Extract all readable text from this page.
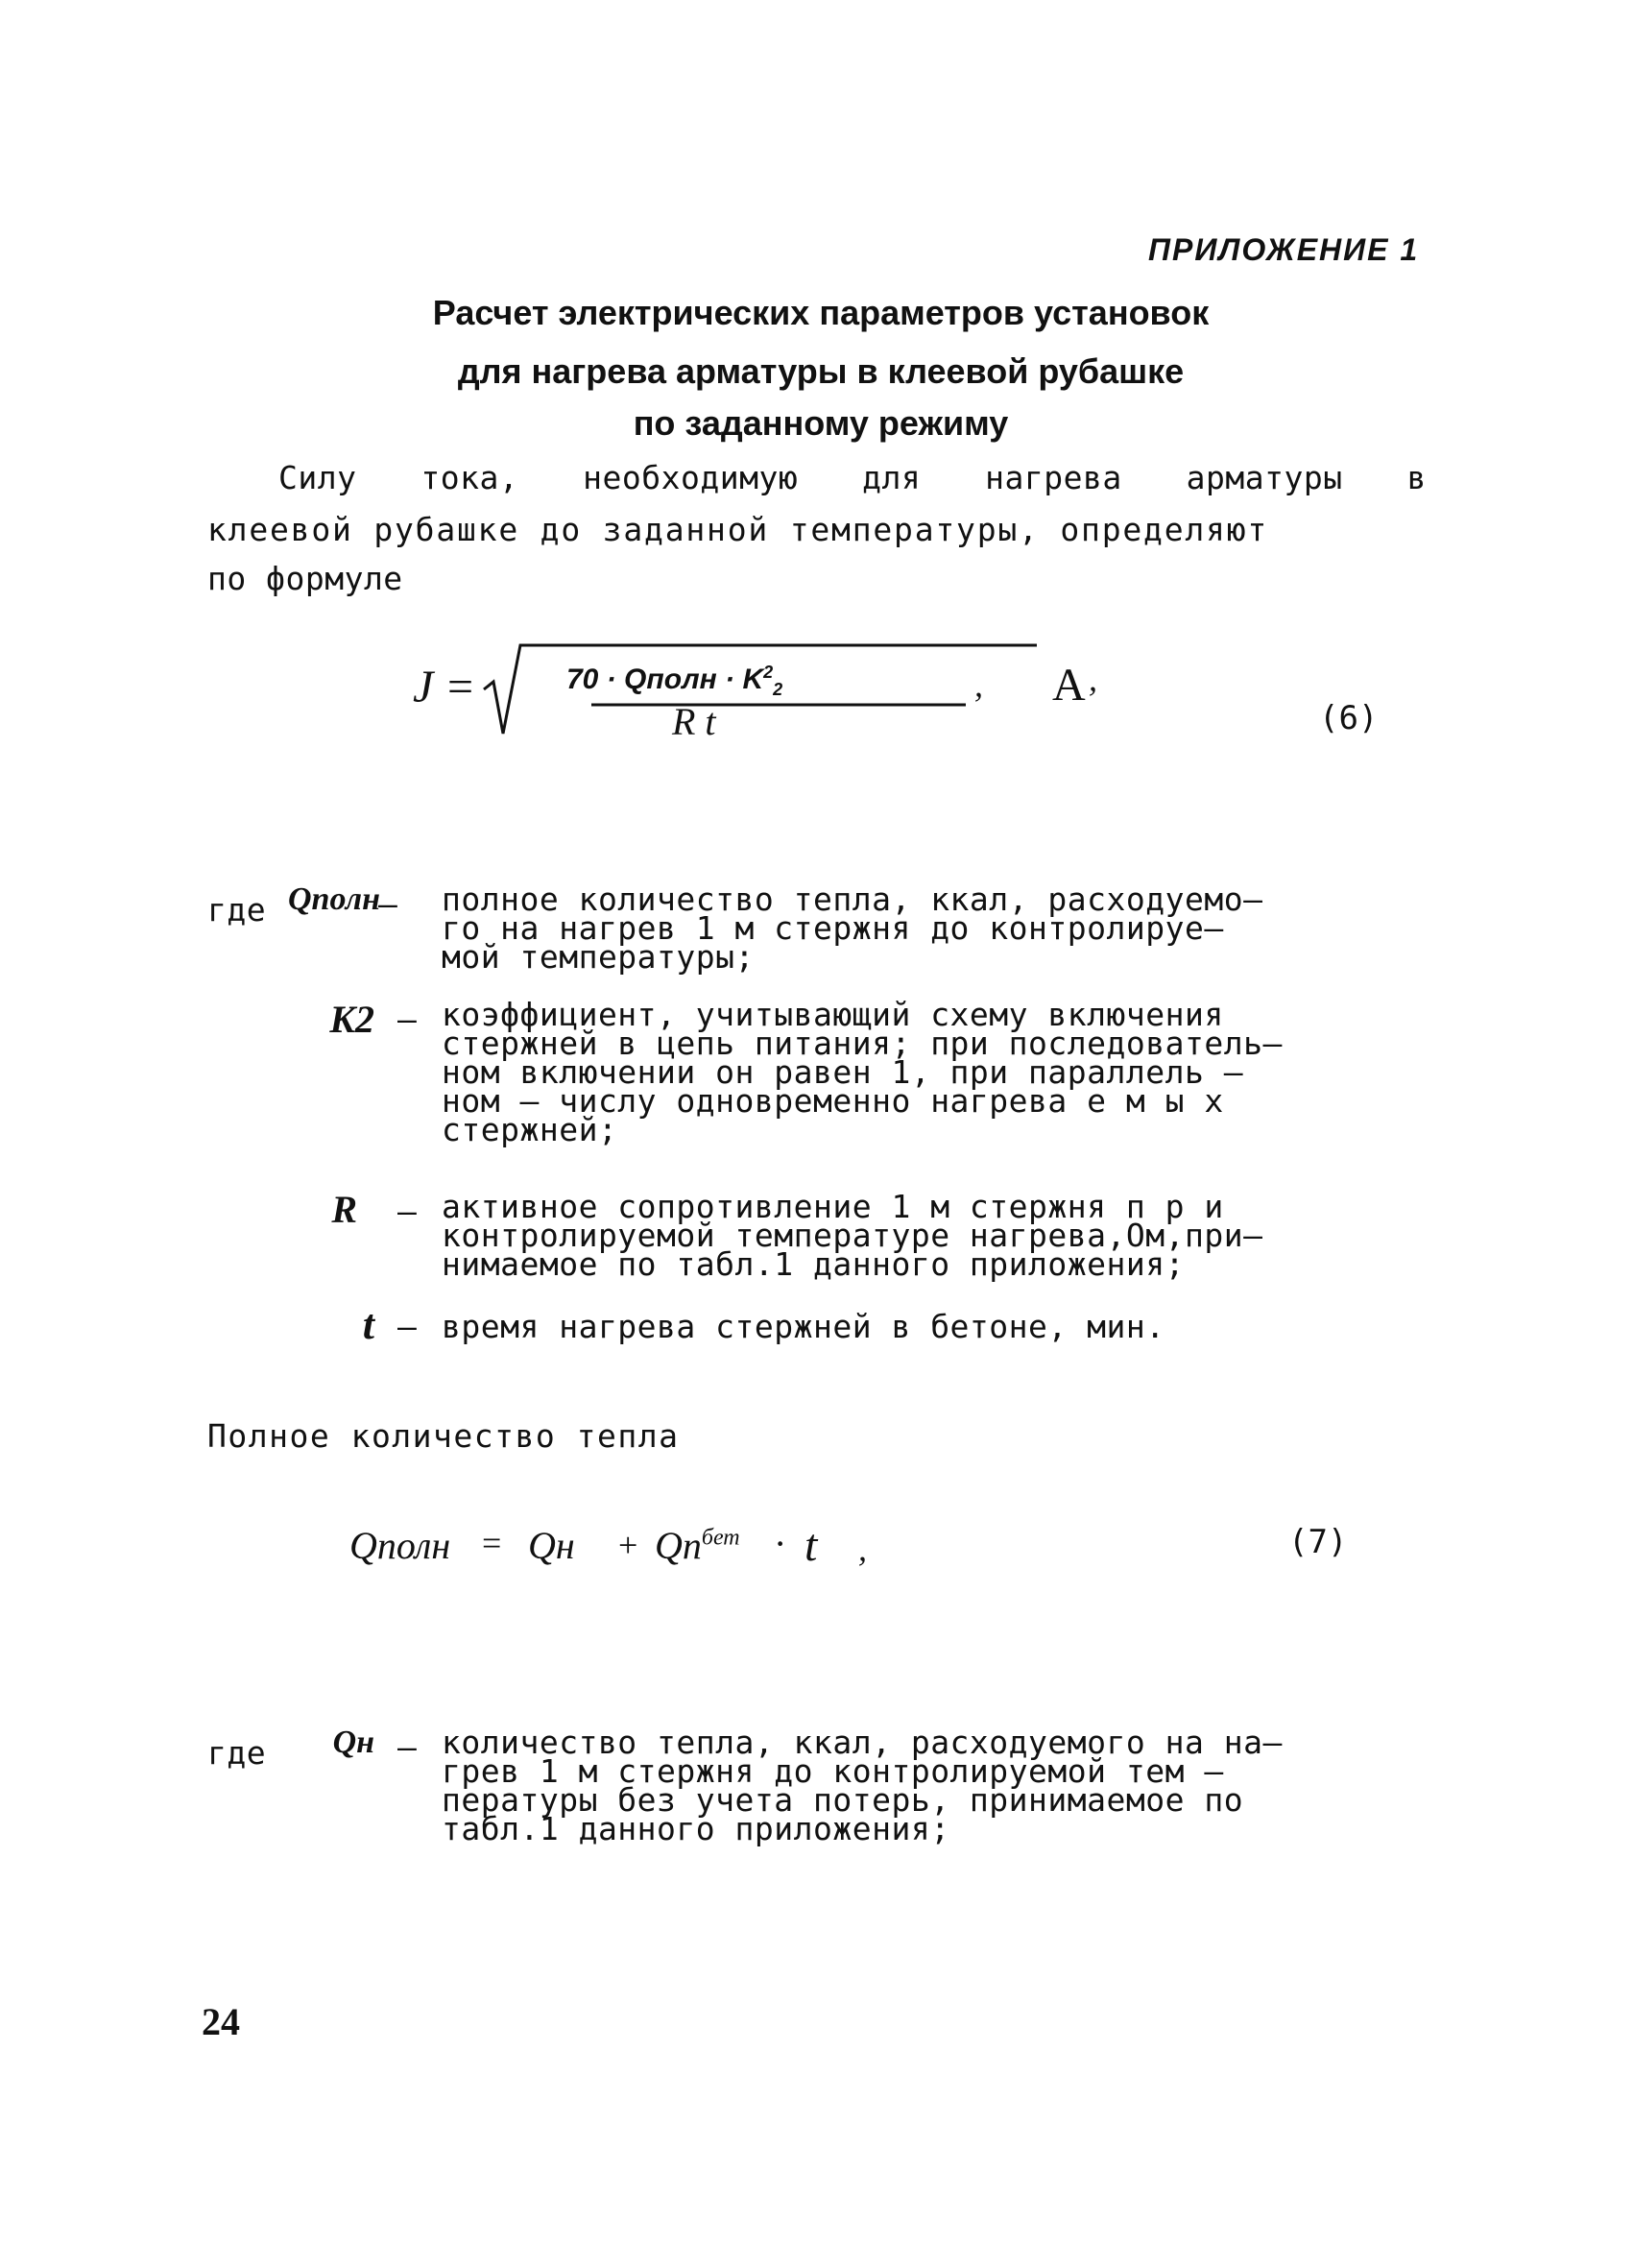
ПРИЛОЖЕНИЕ 1
Расчет электрических параметров установок
для нагрева арматуры в клеевой рубашке
по заданному режиму
Силу тока, необходимую для нагрева арматуры в
клеевой рубашке до заданной температуры, определяют
по формуле
J =	70 · Qполн · $K^2_2$
R t
, A ,
(6)
где Qполн
– полное количество тепла, ккал, расходуемо–
го на нагрев 1 м стержня до контролируе–
мой температуры;
K2 – коэффициент, учитывающий схему включения
стержней в цепь питания; при последователь–
ном включении он равен 1, при параллель –
ном – числу одновременно нагрева е м ы х
стержней;
R – активное сопротивление 1 м стержня п р и
контролируемой температуре нагрева,Ом,при–
нимаемое по табл.1 данного приложения;
t – время нагрева стержней в бетоне, мин.
Полное количество тепла
Qполн = Qн + $Qп^{бет} \cdot t$ ,	(7)
где	Qн – количество тепла, ккал, расходуемого на на–
грев 1 м стержня до контролируемой тем –
пературы без учета потерь, принимаемое по
табл.1 данного приложения;
24
